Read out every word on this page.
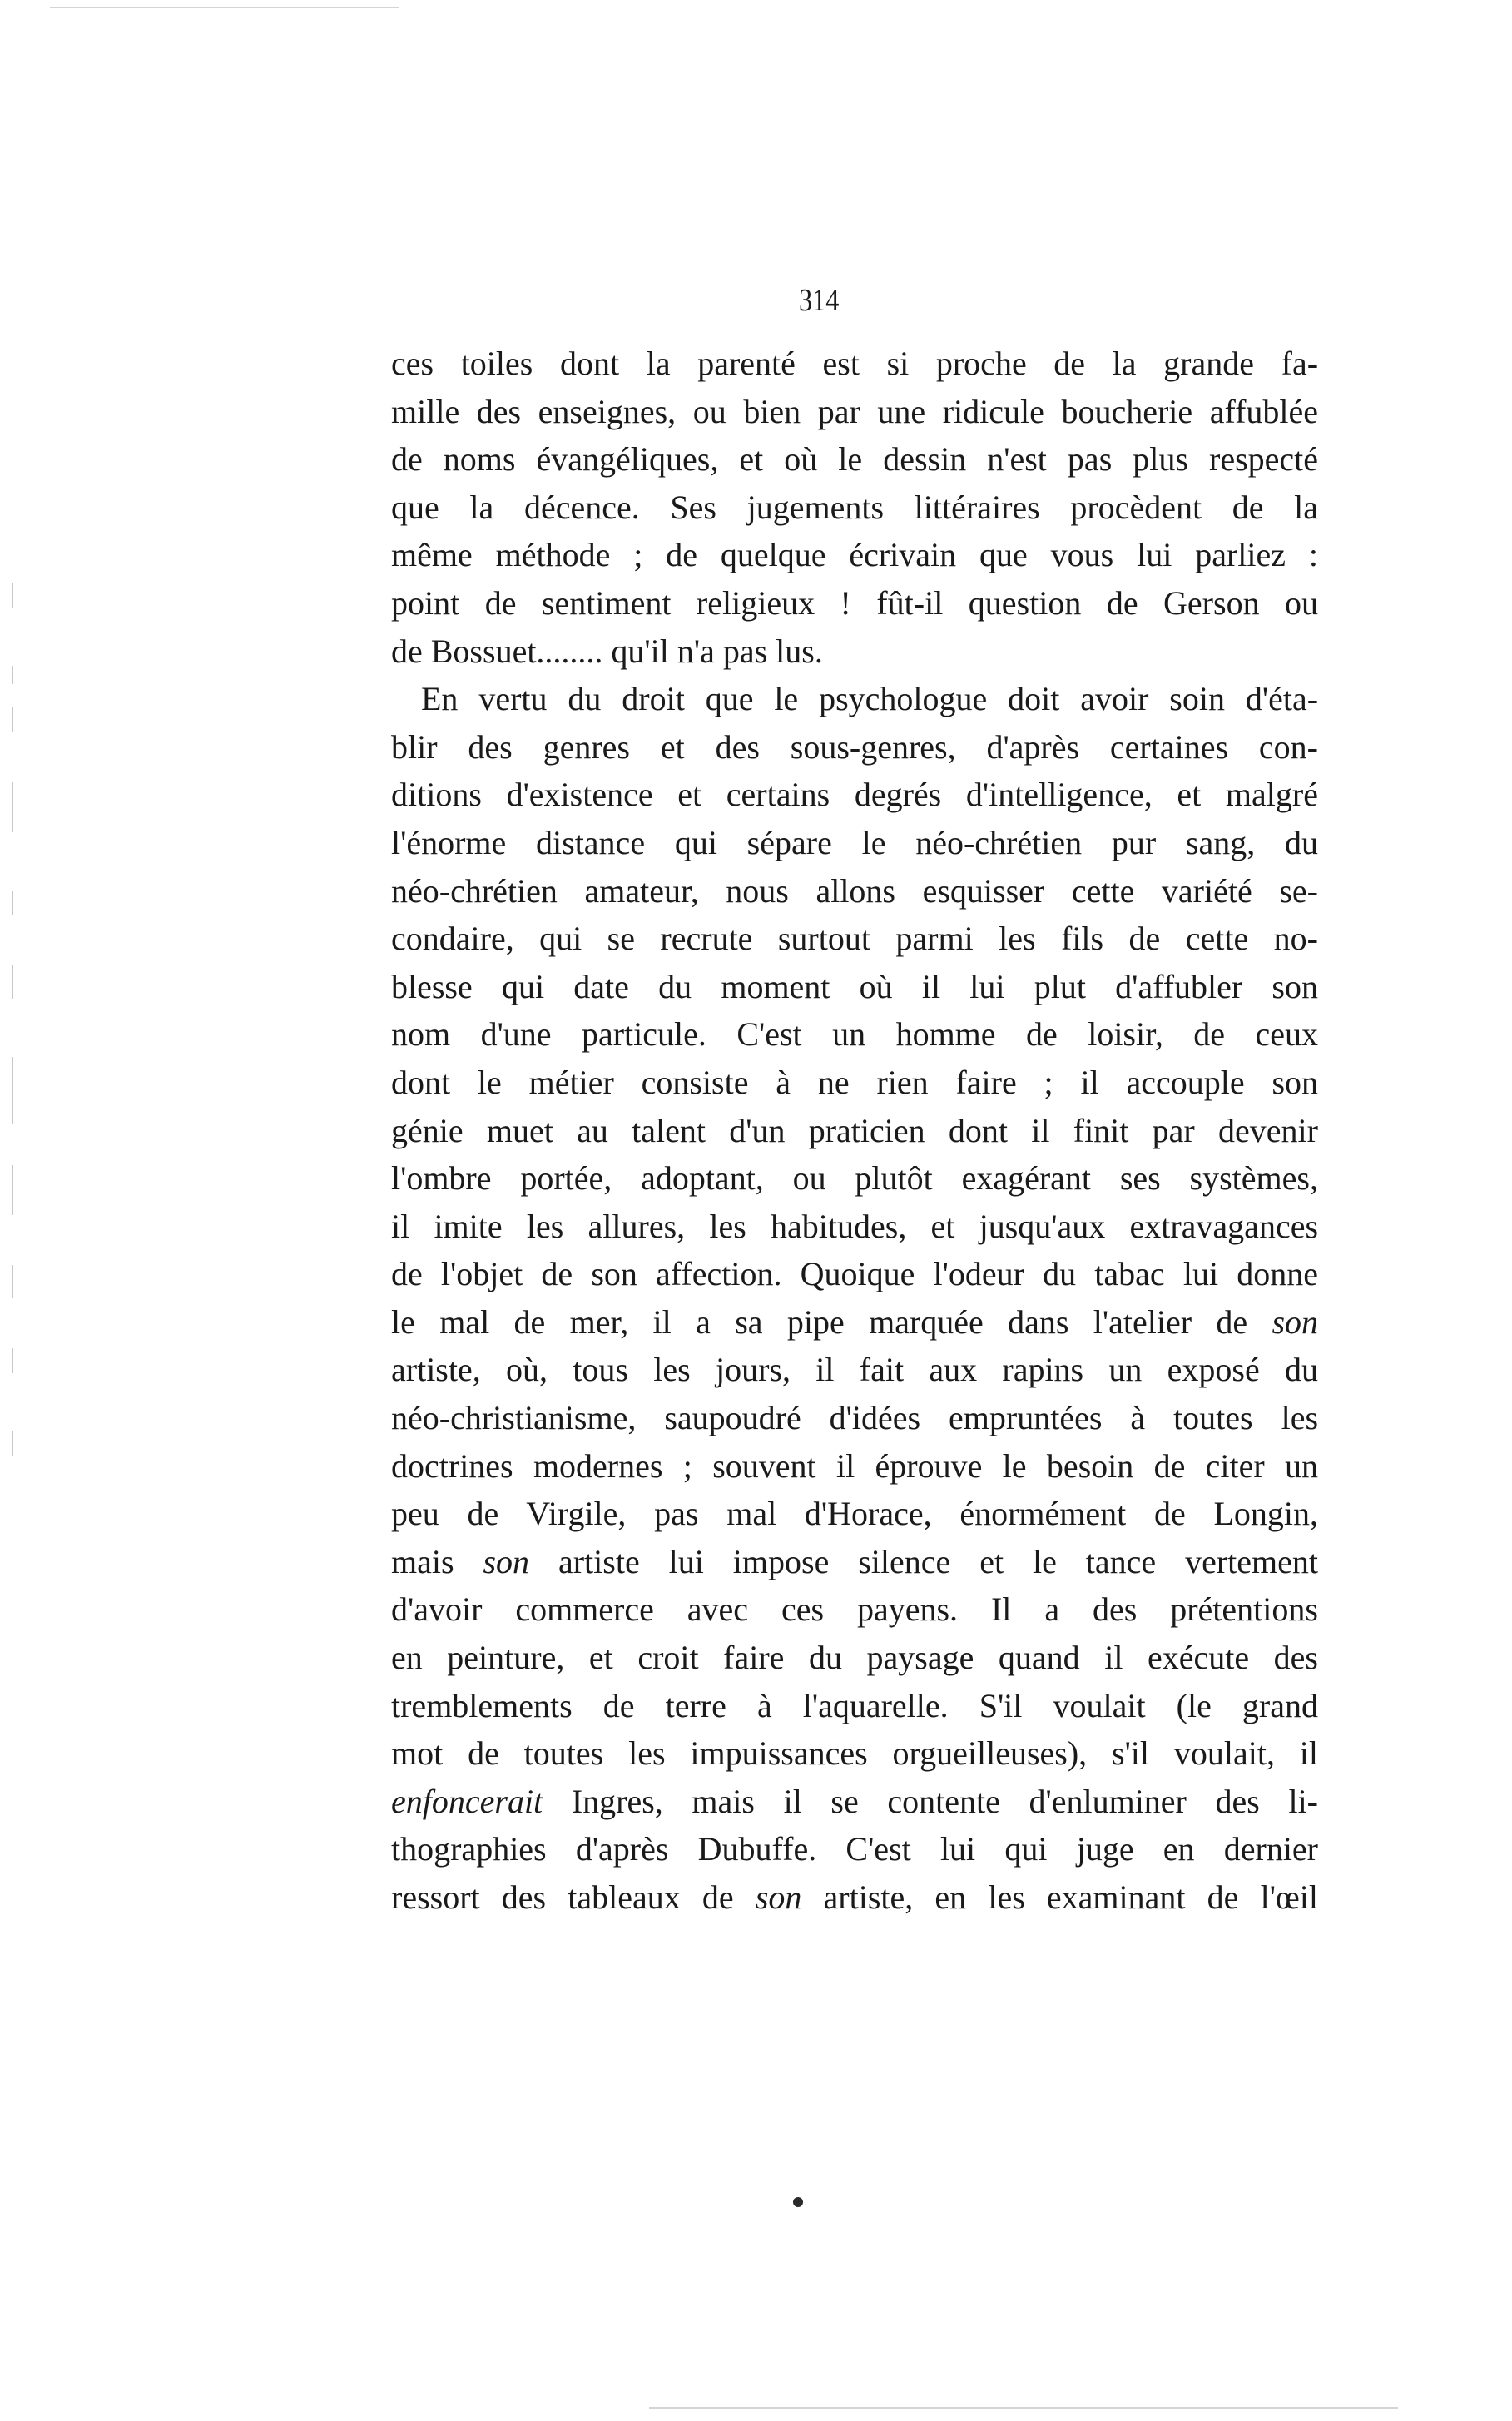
314
ces toiles dont la parenté est si proche de la grande fa-
mille des enseignes, ou bien par une ridicule boucherie affublée
de noms évangéliques, et où le dessin n'est pas plus respecté
que la décence. Ses jugements littéraires procèdent de la
même méthode ; de quelque écrivain que vous lui parliez :
point de sentiment religieux ! fût-il question de Gerson ou
de Bossuet........ qu'il n'a pas lus.
En vertu du droit que le psychologue doit avoir soin d'éta-
blir des genres et des sous-genres, d'après certaines con-
ditions d'existence et certains degrés d'intelligence, et malgré
l'énorme distance qui sépare le néo-chrétien pur sang, du
néo-chrétien amateur, nous allons esquisser cette variété se-
condaire, qui se recrute surtout parmi les fils de cette no-
blesse qui date du moment où il lui plut d'affubler son
nom d'une particule. C'est un homme de loisir, de ceux
dont le métier consiste à ne rien faire ; il accouple son
génie muet au talent d'un praticien dont il finit par devenir
l'ombre portée, adoptant, ou plutôt exagérant ses systèmes,
il imite les allures, les habitudes, et jusqu'aux extravagances
de l'objet de son affection. Quoique l'odeur du tabac lui donne
le mal de mer, il a sa pipe marquée dans l'atelier de son
artiste, où, tous les jours, il fait aux rapins un exposé du
néo-christianisme, saupoudré d'idées empruntées à toutes les
doctrines modernes ; souvent il éprouve le besoin de citer un
peu de Virgile, pas mal d'Horace, énormément de Longin,
mais son artiste lui impose silence et le tance vertement
d'avoir commerce avec ces payens. Il a des prétentions
en peinture, et croit faire du paysage quand il exécute des
tremblements de terre à l'aquarelle. S'il voulait (le grand
mot de toutes les impuissances orgueilleuses), s'il voulait, il
enfoncerait Ingres, mais il se contente d'enluminer des li-
thographies d'après Dubuffe. C'est lui qui juge en dernier
ressort des tableaux de son artiste, en les examinant de l'œil
